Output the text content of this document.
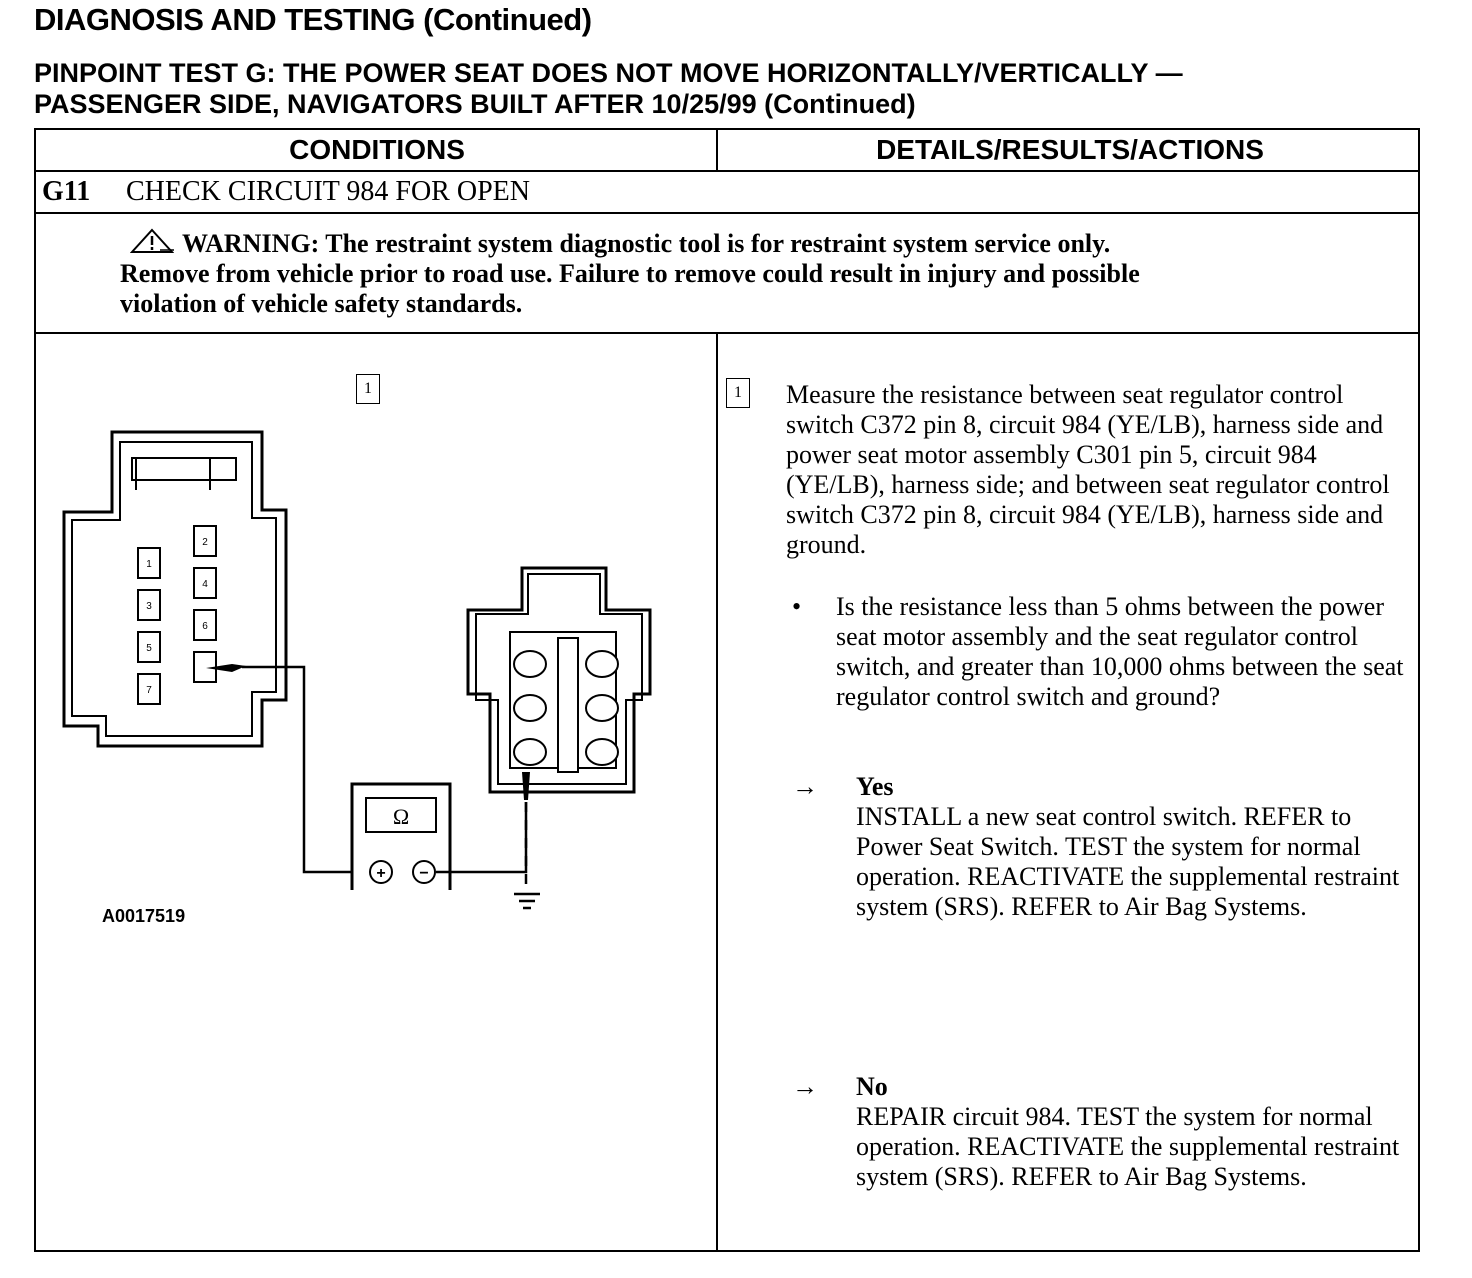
DIAGNOSIS AND TESTING (Continued)
PINPOINT TEST G: THE POWER SEAT DOES NOT MOVE HORIZONTALLY/VERTICALLY —
PASSENGER SIDE, NAVIGATORS BUILT AFTER 10/25/99 (Continued)
CONDITIONS	DETAILS/RESULTS/ACTIONS
G11 CHECK CIRCUIT 984 FOR OPEN
WARNING: The restraint system diagnostic tool is for restraint system service only.
Remove from vehicle prior to road use. Failure to remove could result in injury and possible
violation of vehicle safety standards.
1
1
2
3
4
5
6
7
Ω
+ −
A0017519
1	Measure the resistance between seat regulator control switch C372 pin 8, circuit 984 (YE/LB), harness side and power seat motor assembly C301 pin 5, circuit 984 (YE/LB), harness side; and between seat regulator control switch C372 pin 8, circuit 984 (YE/LB), harness side and ground.
• Is the resistance less than 5 ohms between the power seat motor assembly and the seat regulator control switch, and greater than 10,000 ohms between the seat regulator control switch and ground?
→ Yes
INSTALL a new seat control switch. REFER to Power Seat Switch. TEST the system for normal operation. REACTIVATE the supplemental restraint system (SRS). REFER to Air Bag Systems.
→ No
REPAIR circuit 984. TEST the system for normal operation. REACTIVATE the supplemental restraint system (SRS). REFER to Air Bag Systems.
